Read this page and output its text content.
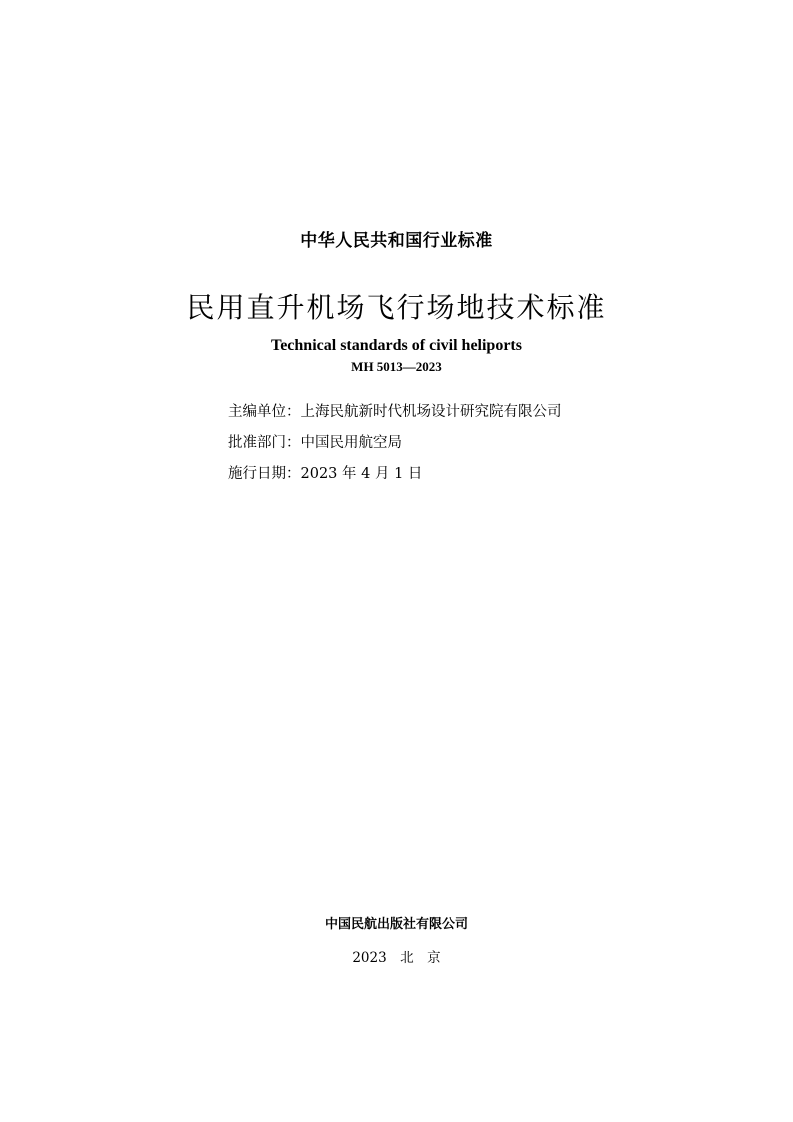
中华人民共和国行业标准
民用直升机场飞行场地技术标准
Technical standards of civil heliports
MH 5013—2023
主编单位：上海民航新时代机场设计研究院有限公司
批准部门：中国民用航空局
施行日期：2023 年 4 月 1 日
中国民航出版社有限公司
2023　北　京
